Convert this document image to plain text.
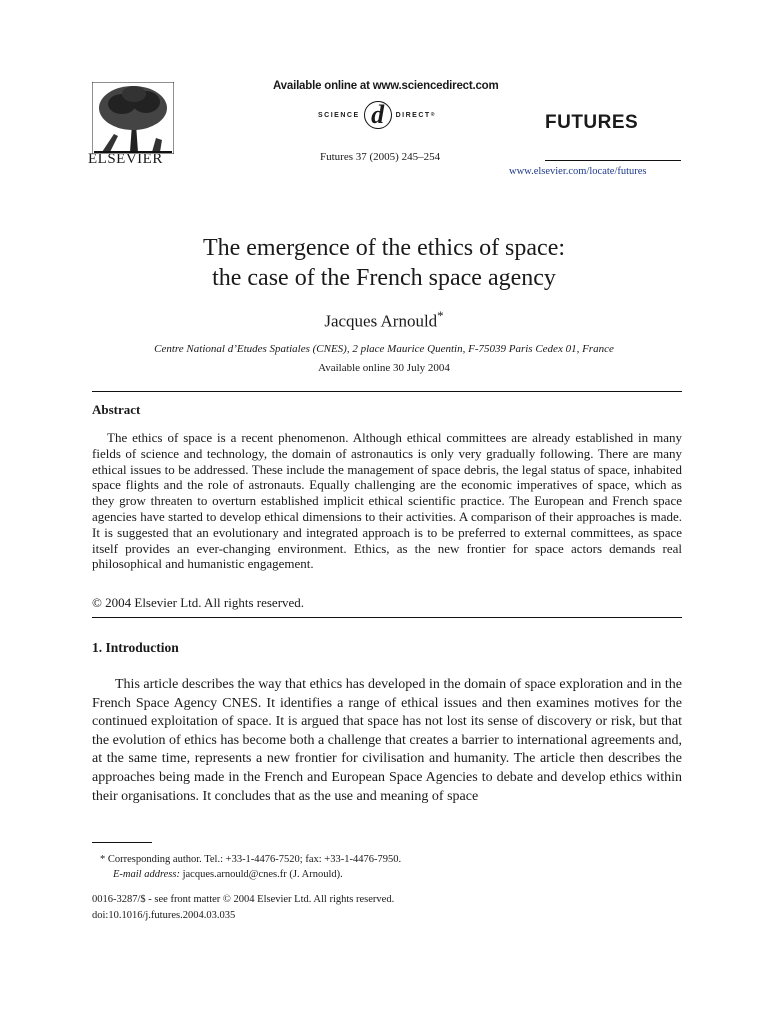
ELSEVIER
Available online at www.sciencedirect.com
SCIENCE d	DIRECT ®
Futures 37 (2005) 245–254
FUTURES
www.elsevier.com/locate/futures
The emergence of the ethics of space:
the case of the French space agency
Jacques Arnould*
Centre National d’Etudes Spatiales (CNES), 2 place Maurice Quentin, F-75039 Paris Cedex 01, France
Available online 30 July 2004
Abstract
The ethics of space is a recent phenomenon. Although ethical committees are already established in many fields of science and technology, the domain of astronautics is only very gradually following. There are many ethical issues to be addressed. These include the management of space debris, the legal status of space, inhabited space flights and the role of astronauts. Equally challenging are the economic imperatives of space, which as they grow threaten to overturn established implicit ethical scientific practice. The European and French space agencies have started to develop ethical dimensions to their activities. A comparison of their approaches is made. It is suggested that an evolutionary and integrated approach is to be preferred to external committees, as space itself provides an ever-changing environment. Ethics, as the new frontier for space actors demands real philosophical and humanistic engagement.
© 2004 Elsevier Ltd. All rights reserved.
1. Introduction
This article describes the way that ethics has developed in the domain of space exploration and in the French Space Agency CNES. It identifies a range of ethical issues and then examines motives for the continued exploitation of space. It is argued that space has not lost its sense of discovery or risk, but that the evolution of ethics has become both a challenge that creates a barrier to international agreements and, at the same time, represents a new frontier for civilisation and humanity. The article then describes the approaches being made in the French and European Space Agencies to debate and develop ethics within their organisations. It concludes that as the use and meaning of space
* Corresponding author. Tel.: +33-1-4476-7520; fax: +33-1-4476-7950.
E-mail address: jacques.arnould@cnes.fr (J. Arnould).
0016-3287/$ - see front matter © 2004 Elsevier Ltd. All rights reserved.
doi:10.1016/j.futures.2004.03.035
